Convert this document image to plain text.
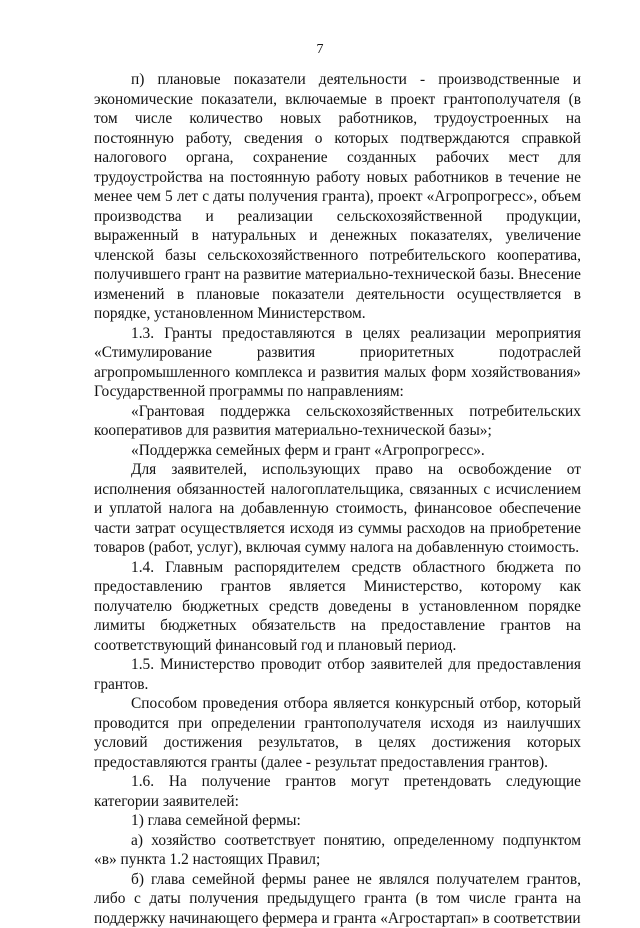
7

п) плановые показатели деятельности - производственные и экономические показатели, включаемые в проект грантополучателя (в том числе количество новых работников, трудоустроенных на постоянную работу, сведения о которых подтверждаются справкой налогового органа, сохранение созданных рабочих мест для трудоустройства на постоянную работу новых работников в течение не менее чем 5 лет с даты получения гранта), проект «Агропрогресс», объем производства и реализации сельскохозяйственной продукции, выраженный в натуральных и денежных показателях, увеличение членской базы сельскохозяйственного потребительского кооператива, получившего грант на развитие материально-технической базы. Внесение изменений в плановые показатели деятельности осуществляется в порядке, установленном Министерством.

1.3. Гранты предоставляются в целях реализации мероприятия «Стимулирование развития приоритетных подотраслей агропромышленного комплекса и развития малых форм хозяйствования» Государственной программы по направлениям:

«Грантовая поддержка сельскохозяйственных потребительских кооперативов для развития материально-технической базы»;

«Поддержка семейных ферм и грант «Агропрогресс».

Для заявителей, использующих право на освобождение от исполнения обязанностей налогоплательщика, связанных с исчислением и уплатой налога на добавленную стоимость, финансовое обеспечение части затрат осуществляется исходя из суммы расходов на приобретение товаров (работ, услуг), включая сумму налога на добавленную стоимость.

1.4. Главным распорядителем средств областного бюджета по предоставлению грантов является Министерство, которому как получателю бюджетных средств доведены в установленном порядке лимиты бюджетных обязательств на предоставление грантов на соответствующий финансовый год и плановый период.

1.5. Министерство проводит отбор заявителей для предоставления грантов.

Способом проведения отбора является конкурсный отбор, который проводится при определении грантополучателя исходя из наилучших условий достижения результатов, в целях достижения которых предоставляются гранты (далее - результат предоставления грантов).

1.6. На получение грантов могут претендовать следующие категории заявителей:

1) глава семейной фермы:

а) хозяйство соответствует понятию, определенному подпунктом «в» пункта 1.2 настоящих Правил;

б) глава семейной фермы ранее не являлся получателем грантов, либо с даты получения предыдущего гранта (в том числе гранта на поддержку начинающего фермера и гранта «Агростартап» в соответствии
